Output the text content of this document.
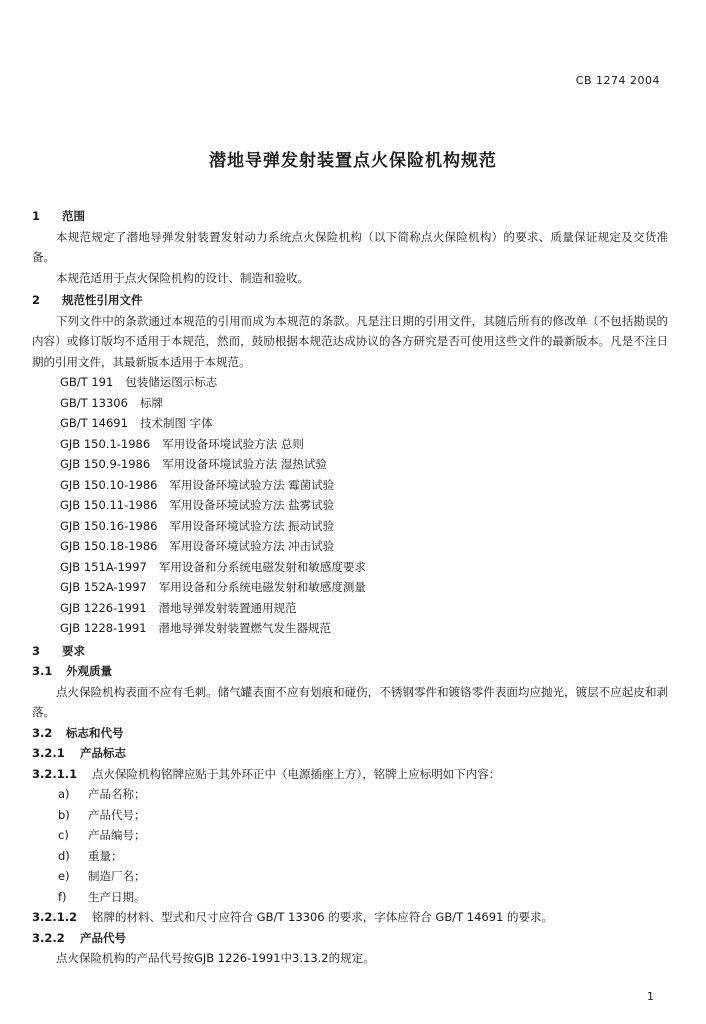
CB 1274 2004
潜地导弹发射装置点火保险机构规范
1 范围
本规范规定了潜地导弹发射装置发射动力系统点火保险机构（以下简称点火保险机构）的要求、质量保证规定及交货准备。
本规范适用于点火保险机构的设计、制造和验收。
2 规范性引用文件
下列文件中的条款通过本规范的引用而成为本规范的条款。凡是注日期的引用文件，其随后所有的修改单（不包括勘误的内容）或修订版均不适用于本规范，然而，鼓励根据本规范达成协议的各方研究是否可使用这些文件的最新版本。凡是不注日期的引用文件，其最新版本适用于本规范。
GB/T 191 包装储运图示标志
GB/T 13306 标牌
GB/T 14691 技术制图 字体
GJB 150.1-1986 军用设备环境试验方法 总则
GJB 150.9-1986 军用设备环境试验方法 湿热试验
GJB 150.10-1986 军用设备环境试验方法 霉菌试验
GJB 150.11-1986 军用设备环境试验方法 盐雾试验
GJB 150.16-1986 军用设备环境试验方法 振动试验
GJB 150.18-1986 军用设备环境试验方法 冲击试验
GJB 151A-1997 军用设备和分系统电磁发射和敏感度要求
GJB 152A-1997 军用设备和分系统电磁发射和敏感度测量
GJB 1226-1991 潜地导弹发射装置通用规范
GJB 1228-1991 潜地导弹发射装置燃气发生器规范
3 要求
3.1 外观质量
点火保险机构表面不应有毛刺。储气罐表面不应有划痕和碰伤，不锈钢零件和镀铬零件表面均应抛光，镀层不应起皮和剥落。
3.2 标志和代号
3.2.1 产品标志
3.2.1.1 点火保险机构铭牌应贴于其外环正中（电源插座上方），铭牌上应标明如下内容：
a) 产品名称；
b) 产品代号；
c) 产品编号；
d) 重量；
e) 制造厂名；
f) 生产日期。
3.2.1.2 铭牌的材料、型式和尺寸应符合 GB/T 13306 的要求，字体应符合 GB/T 14691 的要求。
3.2.2 产品代号
点火保险机构的产品代号按GJB 1226-1991中3.13.2的规定。
1
